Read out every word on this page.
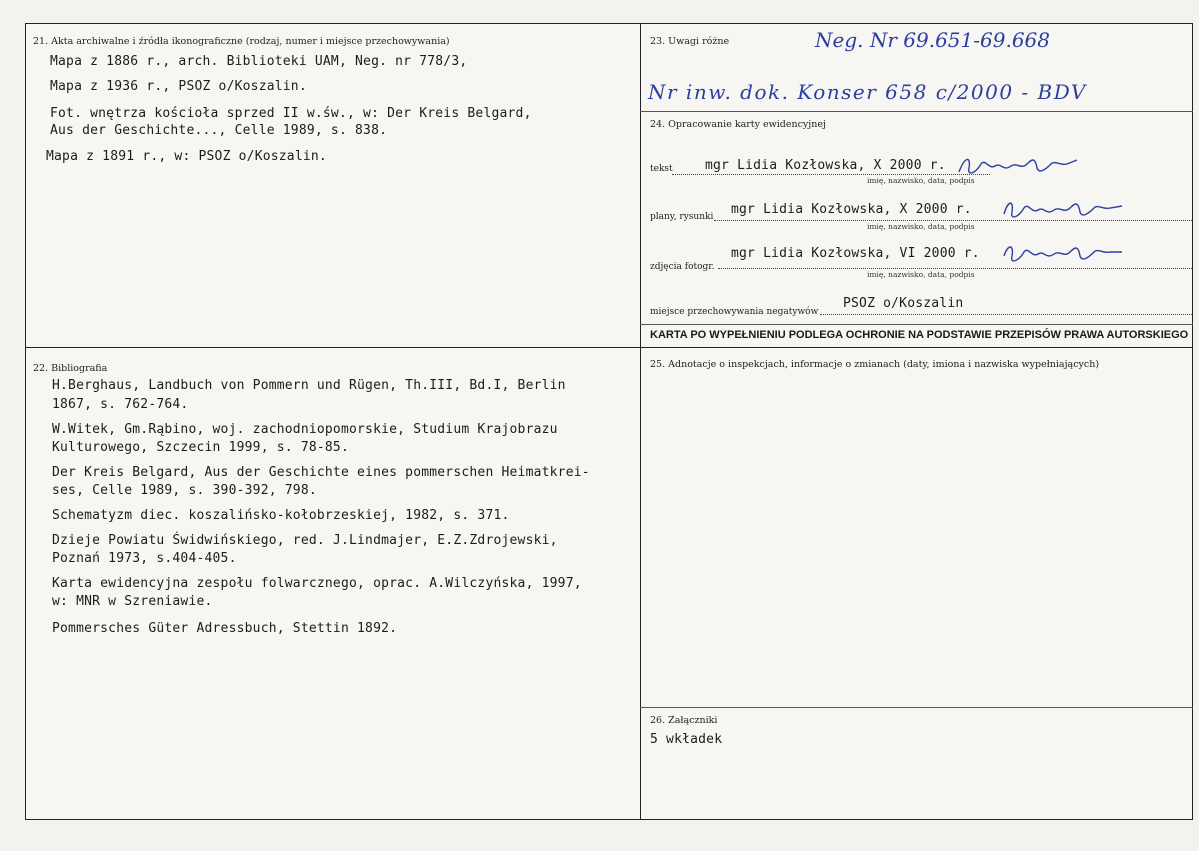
21. Akta archiwalne i źródła ikonograficzne (rodzaj, numer i miejsce przechowywania)
Mapa z 1886 r., arch. Biblioteki UAM, Neg. nr 778/3,
Mapa z 1936 r., PSOZ o/Koszalin.
Fot. wnętrza kościoła sprzed II w.św., w: Der Kreis Belgard,
Aus der Geschichte..., Celle 1989, s. 838.
Mapa z 1891 r., w: PSOZ o/Koszalin.
22. Bibliografia
H.Berghaus, Landbuch von Pommern und Rügen, Th.III, Bd.I, Berlin
1867, s. 762-764.
W.Witek, Gm.Rąbino, woj. zachodniopomorskie, Studium Krajobrazu
Kulturowego, Szczecin 1999, s. 78-85.
Der Kreis Belgard, Aus der Geschichte eines pommerschen Heimatkrei-
ses, Celle 1989, s. 390-392, 798.
Schematyzm diec. koszalińsko-kołobrzeskiej, 1982, s. 371.
Dzieje Powiatu Świdwińskiego, red. J.Lindmajer, E.Z.Zdrojewski,
Poznań 1973, s.404-405.
Karta ewidencyjna zespołu folwarcznego, oprac. A.Wilczyńska, 1997,
w: MNR w Szreniawie.
Pommersches Güter Adressbuch, Stettin 1892.
23. Uwagi różne	Neg. Nr 69.651-69.668
Nr inw. dok. Konser 658 c/2000 - BDV
24. Opracowanie karty ewidencyjnej
tekst mgr Lidia Kozłowska, X 2000 r.
imię, nazwisko, data, podpis
plany, rysunki mgr Lidia Kozłowska, X 2000 r.
imię, nazwisko, data, podpis
zdjęcia fotogr.
mgr Lidia Kozłowska, VI 2000 r.
imię, nazwisko, data, podpis
miejsce przechowywania negatywów
PSOZ o/Koszalin
KARTA PO WYPEŁNIENIU PODLEGA OCHRONIE NA PODSTAWIE PRZEPISÓW PRAWA AUTORSKIEGO
25. Adnotacje o inspekcjach, informacje o zmianach (daty, imiona i nazwiska wypełniających)
26. Załączniki
5 wkładek
